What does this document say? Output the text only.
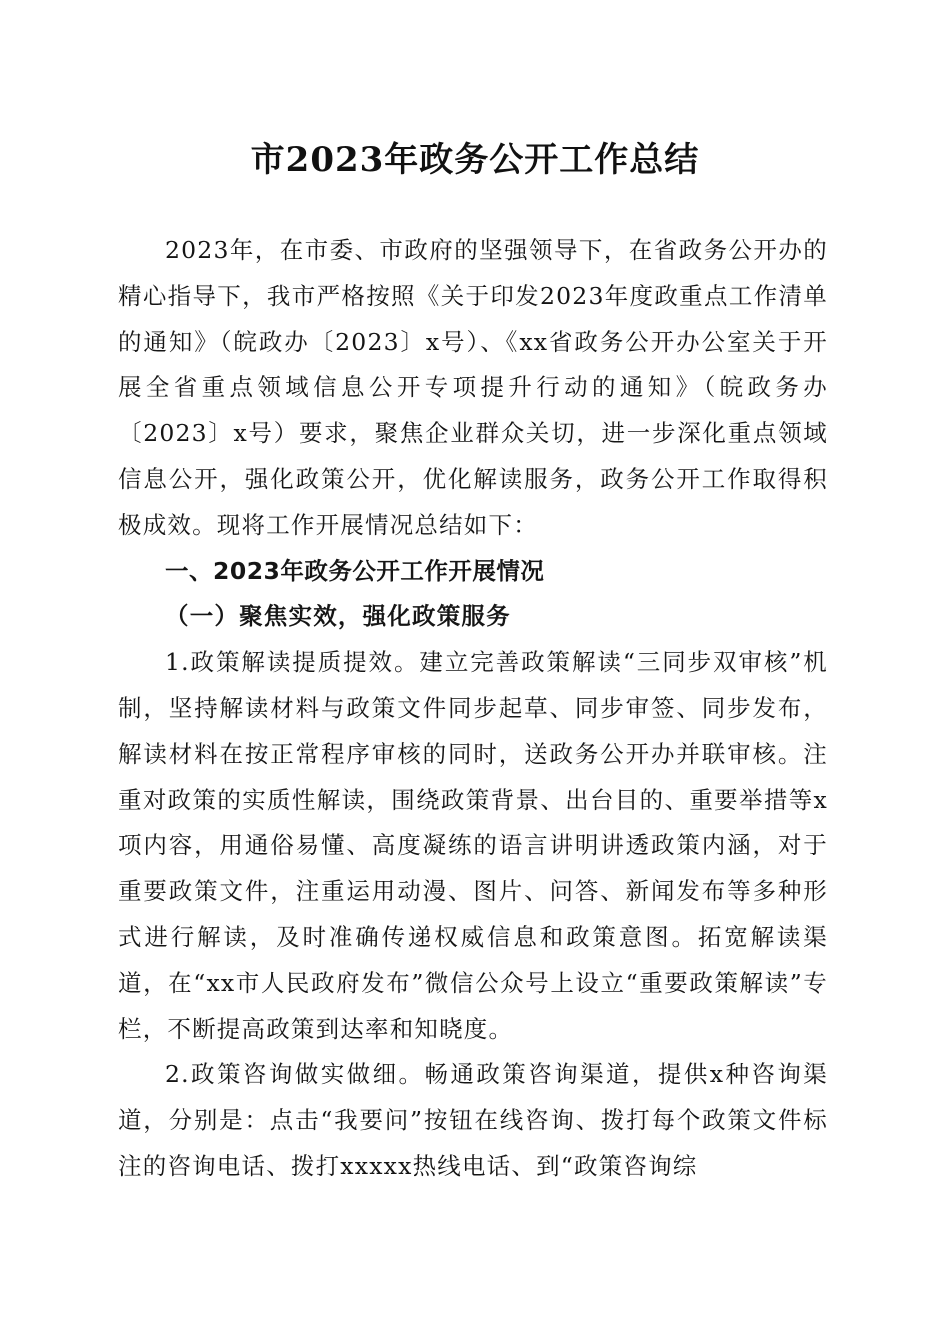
市2023年政务公开工作总结

2023年，在市委、市政府的坚强领导下，在省政务公开办的精心指导下，我市严格按照《关于印发2023年度政重点工作清单的通知》（皖政办〔2023〕x号）、《xx省政务公开办公室关于开展全省重点领域信息公开专项提升行动的通知》（皖政务办〔2023〕x号）要求，聚焦企业群众关切，进一步深化重点领域信息公开，强化政策公开，优化解读服务，政务公开工作取得积极成效。现将工作开展情况总结如下：

一、2023年政务公开工作开展情况

（一）聚焦实效，强化政策服务

1.政策解读提质提效。建立完善政策解读“三同步双审核”机制，坚持解读材料与政策文件同步起草、同步审签、同步发布，解读材料在按正常程序审核的同时，送政务公开办并联审核。注重对政策的实质性解读，围绕政策背景、出台目的、重要举措等x项内容，用通俗易懂、高度凝练的语言讲明讲透政策内涵，对于重要政策文件，注重运用动漫、图片、问答、新闻发布等多种形式进行解读，及时准确传递权威信息和政策意图。拓宽解读渠道，在“xx市人民政府发布”微信公众号上设立“重要政策解读”专栏，不断提高政策到达率和知晓度。

2.政策咨询做实做细。畅通政策咨询渠道，提供x种咨询渠道，分别是：点击“我要问”按钮在线咨询、拨打每个政策文件标注的咨询电话、拨打xxxxx热线电话、到“政策咨询综
